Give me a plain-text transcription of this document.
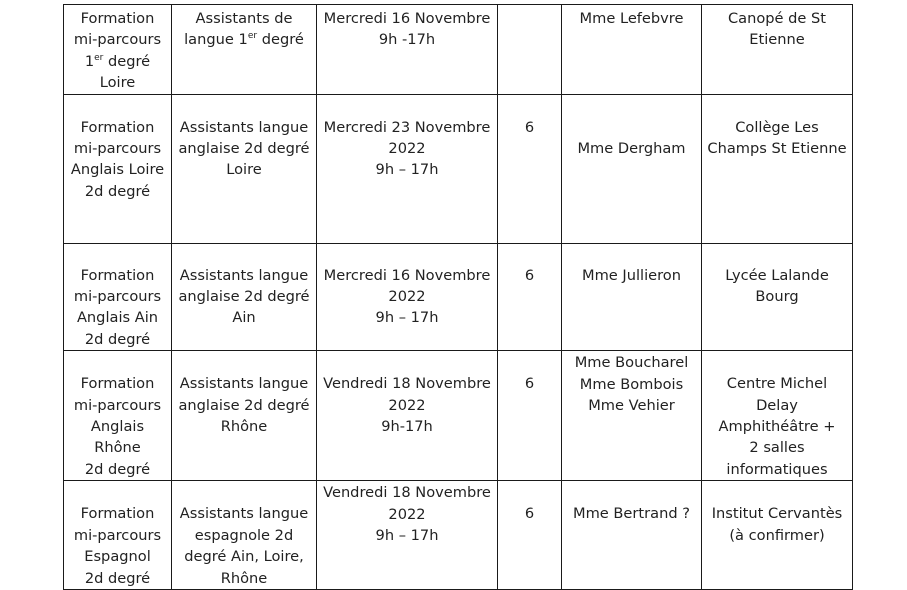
Formation
mi-parcours
1er degré
Loire	Assistants de
langue 1er degré	Mercredi 16 Novembre
9h -17h		Mme Lefebvre	Canopé de St
Etienne

Formation
mi-parcours
Anglais Loire
2d degré	Assistants langue
anglaise 2d degré
Loire	Mercredi 23 Novembre
2022
9h – 17h	6	Mme Dergham	Collège Les
Champs St Etienne

Formation
mi-parcours
Anglais Ain
2d degré	Assistants langue
anglaise 2d degré
Ain	Mercredi 16 Novembre
2022
9h – 17h	6	Mme Jullieron	Lycée Lalande
Bourg

Formation
mi-parcours
Anglais
Rhône
2d degré	Assistants langue
anglaise 2d degré
Rhône	Vendredi 18 Novembre
2022
9h-17h	6	Mme Boucharel
Mme Bombois
Mme Vehier	Centre Michel
Delay
Amphithéâtre +
2 salles
informatiques

Formation
mi-parcours
Espagnol
2d degré	Assistants langue
espagnole 2d
degré Ain, Loire,
Rhône	Vendredi 18 Novembre
2022
9h – 17h	6	Mme Bertrand ?	Institut Cervantès
(à confirmer)
